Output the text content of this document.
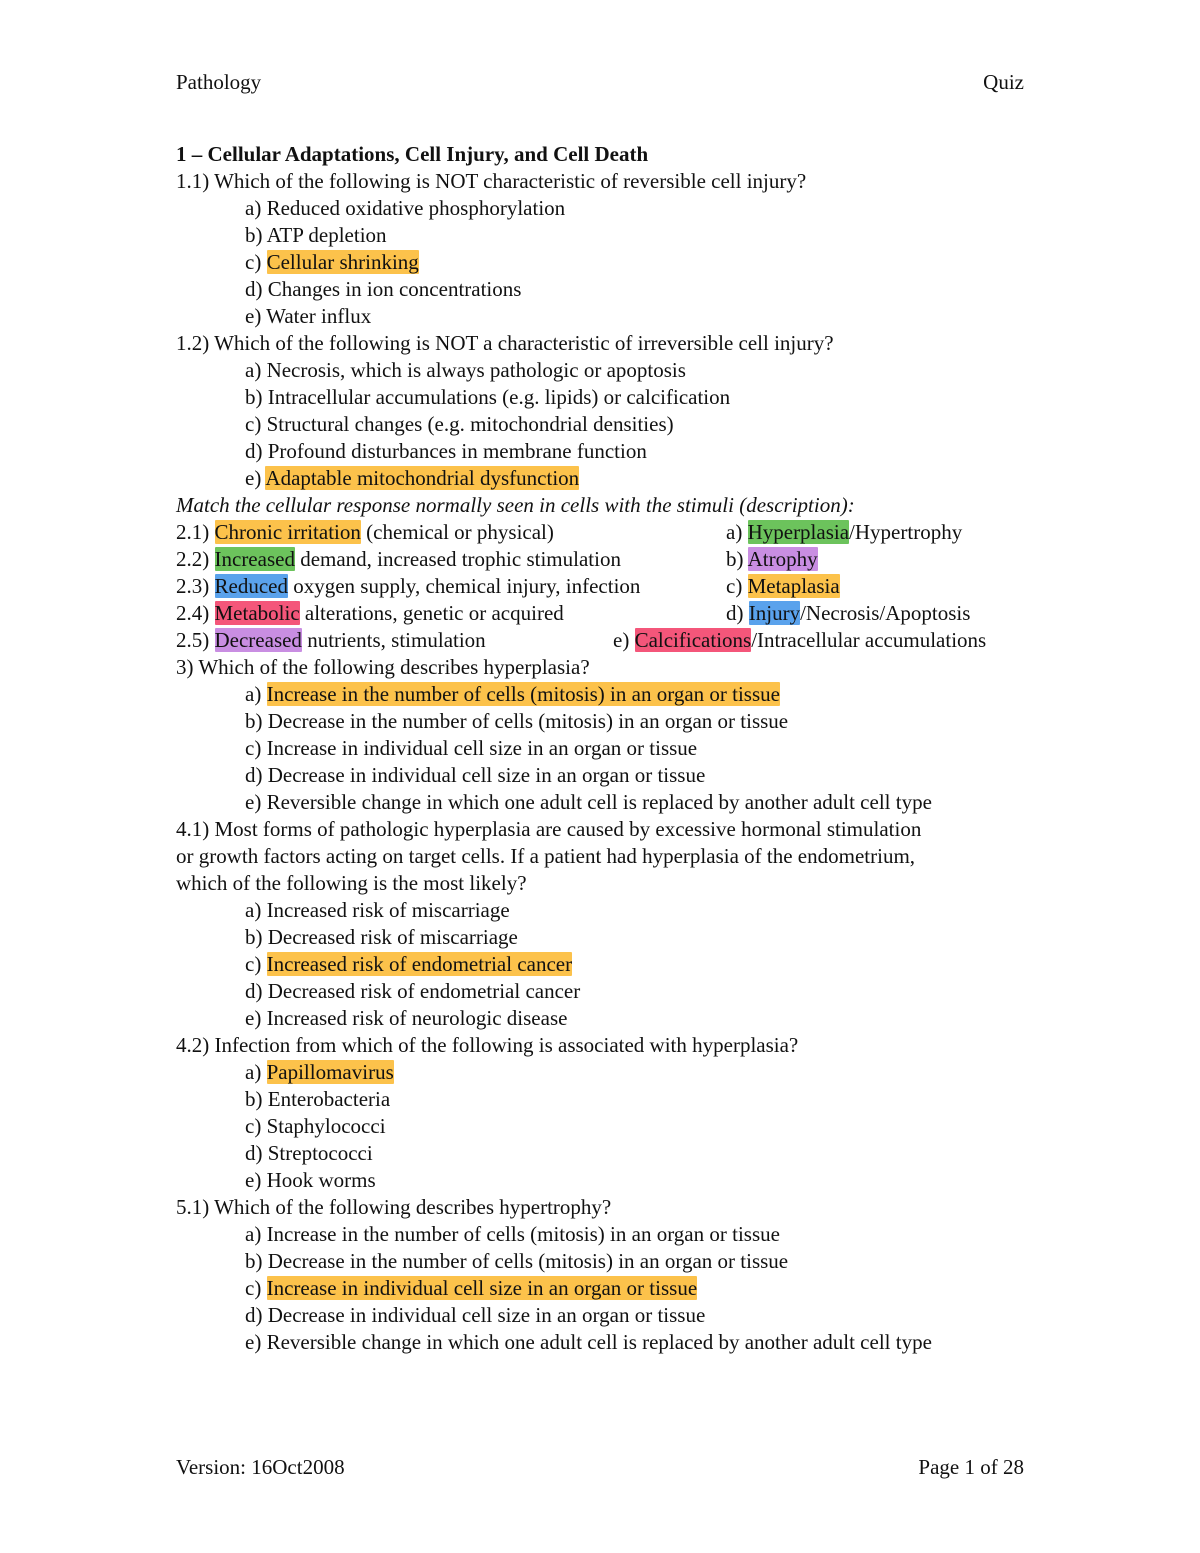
Pathology	Quiz
1 – Cellular Adaptations, Cell Injury, and Cell Death
1.1) Which of the following is NOT characteristic of reversible cell injury?
a) Reduced oxidative phosphorylation
b) ATP depletion
c) Cellular shrinking
d) Changes in ion concentrations
e) Water influx
1.2) Which of the following is NOT a characteristic of irreversible cell injury?
a) Necrosis, which is always pathologic or apoptosis
b) Intracellular accumulations (e.g. lipids) or calcification
c) Structural changes (e.g. mitochondrial densities)
d) Profound disturbances in membrane function
e) Adaptable mitochondrial dysfunction
Match the cellular response normally seen in cells with the stimuli (description):
2.1) Chronic irritation (chemical or physical)	a) Hyperplasia/Hypertrophy
2.2) Increased demand, increased trophic stimulation	b) Atrophy
2.3) Reduced oxygen supply, chemical injury, infection	c) Metaplasia
2.4) Metabolic alterations, genetic or acquired	d) Injury/Necrosis/Apoptosis
2.5) Decreased nutrients, stimulation	e) Calcifications/Intracellular accumulations
3) Which of the following describes hyperplasia?
a) Increase in the number of cells (mitosis) in an organ or tissue
b) Decrease in the number of cells (mitosis) in an organ or tissue
c) Increase in individual cell size in an organ or tissue
d) Decrease in individual cell size in an organ or tissue
e) Reversible change in which one adult cell is replaced by another adult cell type
4.1) Most forms of pathologic hyperplasia are caused by excessive hormonal stimulation
or growth factors acting on target cells. If a patient had hyperplasia of the endometrium,
which of the following is the most likely?
a) Increased risk of miscarriage
b) Decreased risk of miscarriage
c) Increased risk of endometrial cancer
d) Decreased risk of endometrial cancer
e) Increased risk of neurologic disease
4.2) Infection from which of the following is associated with hyperplasia?
a) Papillomavirus
b) Enterobacteria
c) Staphylococci
d) Streptococci
e) Hook worms
5.1) Which of the following describes hypertrophy?
a) Increase in the number of cells (mitosis) in an organ or tissue
b) Decrease in the number of cells (mitosis) in an organ or tissue
c) Increase in individual cell size in an organ or tissue
d) Decrease in individual cell size in an organ or tissue
e) Reversible change in which one adult cell is replaced by another adult cell type
Version: 16Oct2008	Page 1 of 28
